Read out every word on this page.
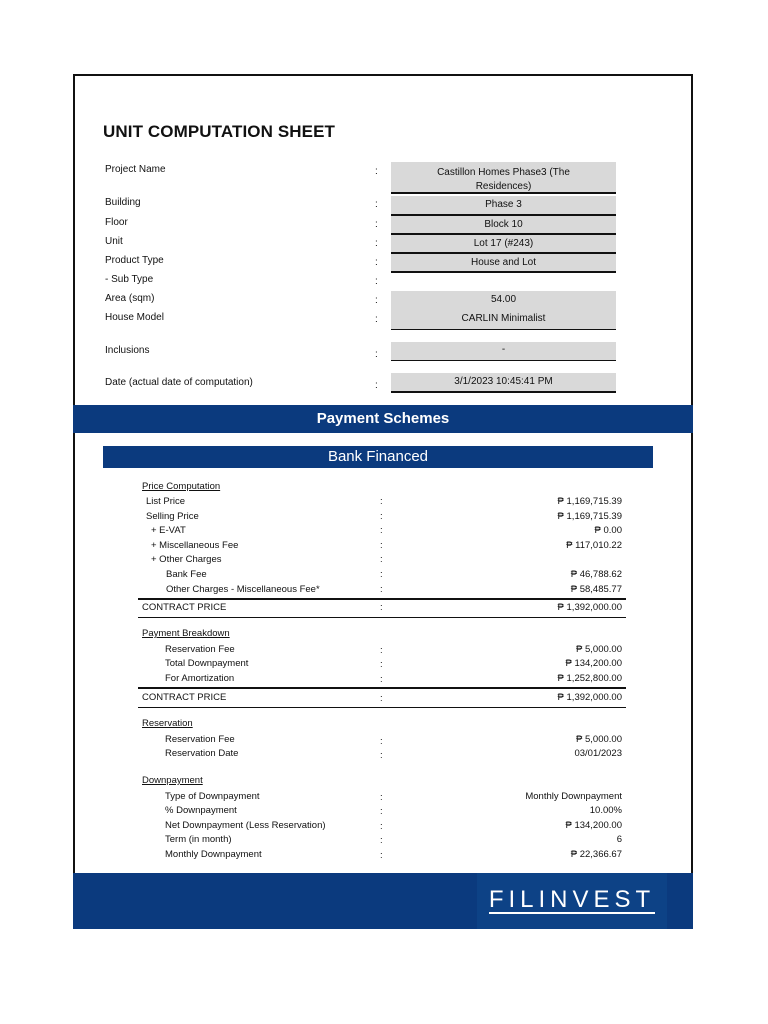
UNIT COMPUTATION SHEET
Project Name	:	Castillon Homes Phase3 (The
Residences)
Building	:	Phase 3
Floor	:	Block 10
Unit	:	Lot 17 (#243)
Product Type	:	House and Lot
- Sub Type	:
Area (sqm)	:	54.00
House Model	:	CARLIN Minimalist
Inclusions	:	-
Date (actual date of computation)	:	3/1/2023 10:45:41 PM
Payment Schemes
Bank Financed
Price Computation
List Price	:	₱ 1,169,715.39
Selling Price	:	₱ 1,169,715.39
+ E-VAT	:	₱ 0.00
+ Miscellaneous Fee	:	₱ 117,010.22
+ Other Charges	:
Bank Fee	:	₱ 46,788.62
Other Charges - Miscellaneous Fee*	:	₱ 58,485.77
CONTRACT PRICE	:	₱ 1,392,000.00
Payment Breakdown
Reservation Fee	:	₱ 5,000.00
Total Downpayment	:	₱ 134,200.00
For Amortization	:	₱ 1,252,800.00
CONTRACT PRICE	:	₱ 1,392,000.00
Reservation
Reservation Fee	:	₱ 5,000.00
Reservation Date	:	03/01/2023
Downpayment
Type of Downpayment	:	Monthly Downpayment
% Downpayment	:	10.00%
Net Downpayment (Less Reservation)	:	₱ 134,200.00
Term (in month)	:	6
Monthly Downpayment	:	₱ 22,366.67
FILINVEST
